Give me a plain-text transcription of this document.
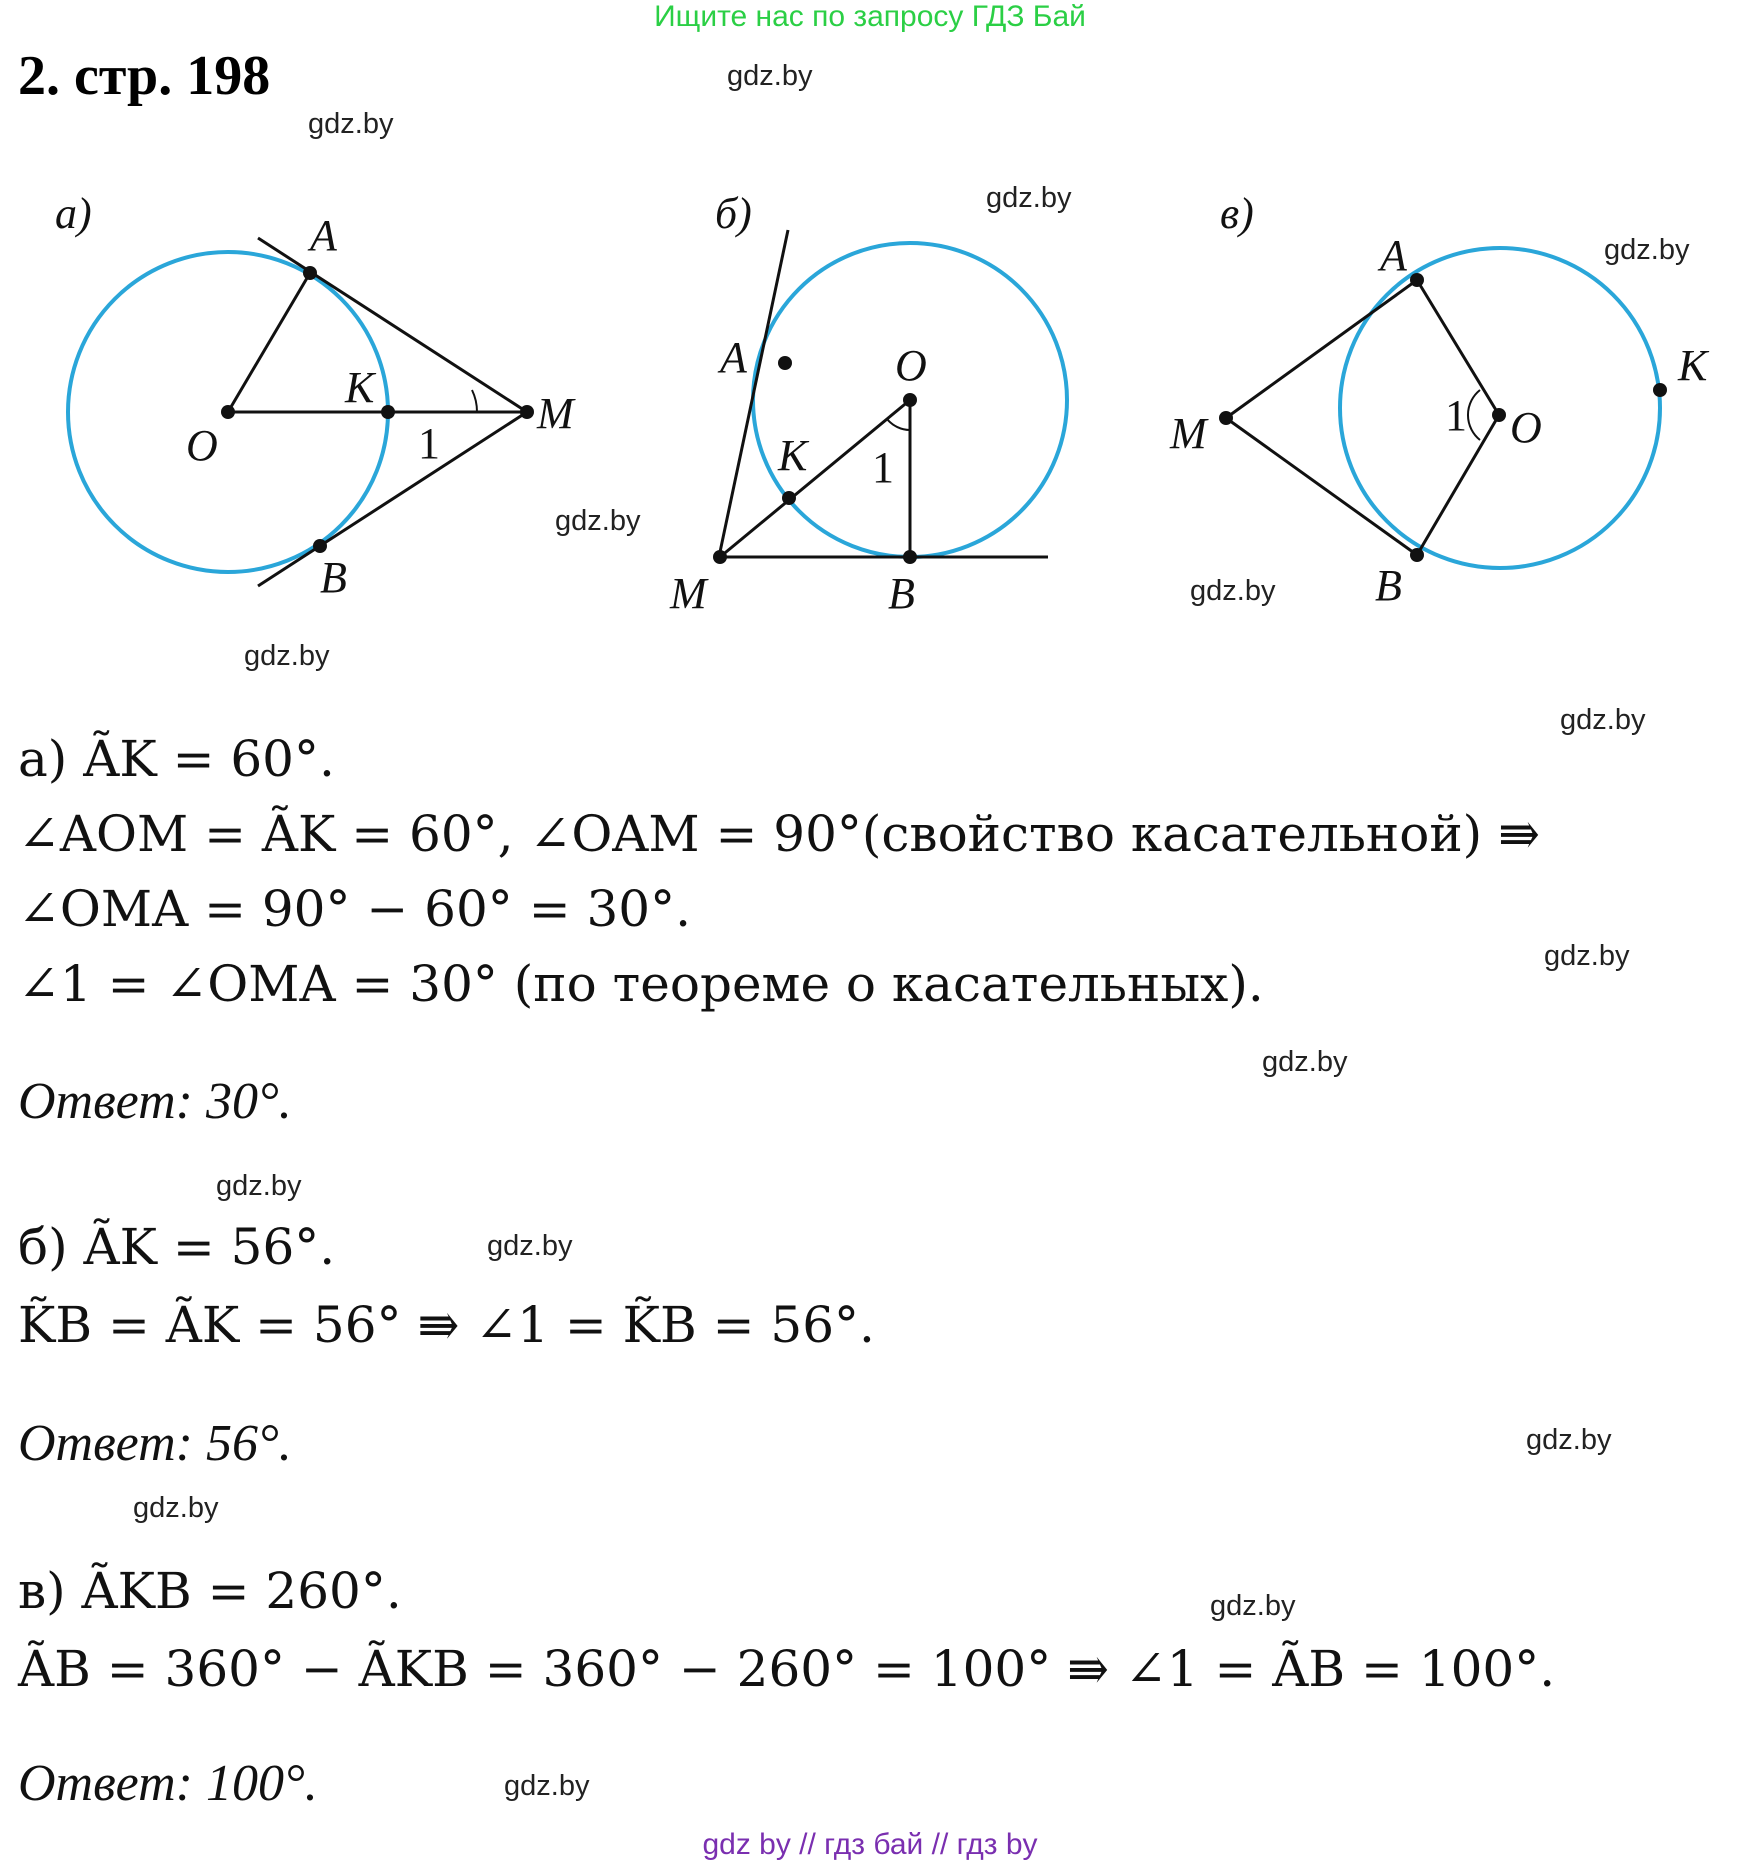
Ищите нас по запросу ГДЗ Бай
2. стр. 198	gdz.by
gdz.by
gdz.by
gdz.by
gdz.by
gdz.by
gdz.by
gdz.by
gdz.by
gdz.by
gdz.by
gdz.by
gdz.by
gdz.by
gdz.by
gdz.by
а)	A
B
K
O
M
1
б)
A
B
K
O
M
1
в)
A
B
K
O
M	1
а) ÃK = 60°.
∠AOM = ÃK = 60°, ∠OAM = 90°(свойство касательной) ⇛
∠OMA = 90° − 60° = 30°.
∠1 = ∠OMA = 30° (по теореме о касательных).
Ответ: 30°.
б) ÃK = 56°.
K̃B = ÃK = 56° ⇛ ∠1 = K̃B = 56°.
Ответ: 56°.
в) ÃKB = 260°.
ÃB = 360° − ÃKB = 360° − 260° = 100° ⇛ ∠1 = ÃB = 100°.
Ответ: 100°.
gdz by // гдз бай // гдз by
